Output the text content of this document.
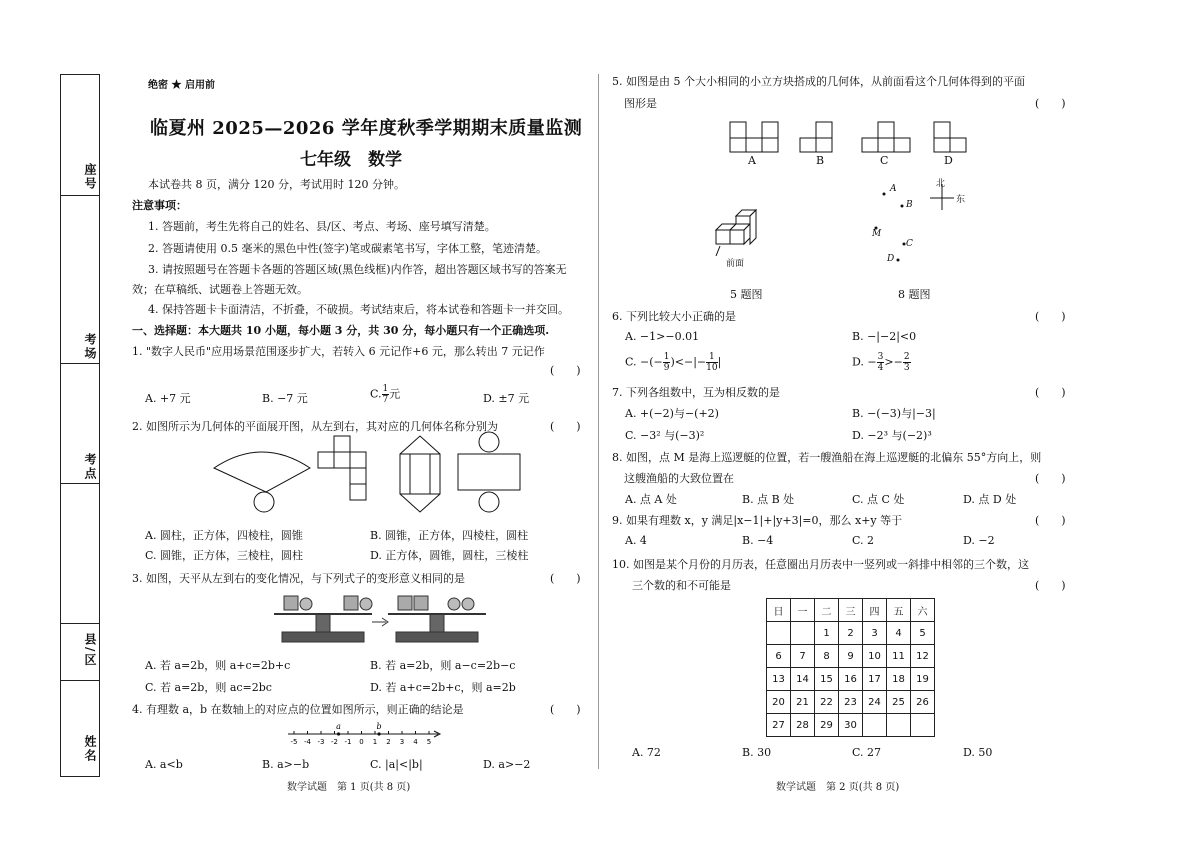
座号
考场
考点
县/区
姓名
绝密 ★ 启用前
临夏州 2025—2026 学年度秋季学期期末质量监测
七年级　数学
本试卷共 8 页，满分 120 分，考试用时 120 分钟。
注意事项：
1. 答题前，考生先将自己的姓名、县/区、考点、考场、座号填写清楚。
2. 答题请使用 0.5 毫米的黑色中性(签字)笔或碳素笔书写，字体工整，笔迹清楚。
3. 请按照题号在答题卡各题的答题区域(黑色线框)内作答，超出答题区域书写的答案无
效；在草稿纸、试题卷上答题无效。
4. 保持答题卡卡面清洁，不折叠，不破损。考试结束后，将本试卷和答题卡一并交回。
一、选择题：本大题共 10 小题，每小题 3 分，共 30 分，每小题只有一个正确选项.
1. "数字人民币"应用场景范围逐步扩大，若转入 6 元记作+6 元，那么转出 7 元记作
(　　)
A. +7 元	B. −7 元	C. $\frac{1}{7}$ 元	D. ±7 元
2. 如图所示为几何体的平面展开图，从左到右，其对应的几何体名称分别为	(　　)
A. 圆柱，正方体，四棱柱，圆锥	B. 圆锥，正方体，四棱柱，圆柱
C. 圆锥，正方体，三棱柱，圆柱	D. 正方体，圆锥，圆柱，三棱柱
3. 如图，天平从左到右的变化情况，与下列式子的变形意义相同的是	(　　)
A. 若 a=2b，则 a+c=2b+c	B. 若 a=2b，则 a−c=2b−c
C. 若 a=2b，则 ac=2bc	D. 若 a+c=2b+c，则 a=2b
4. 有理数 a，b 在数轴上的对应点的位置如图所示，则正确的结论是	(　　)
-5 -4 -3 -2 -1 0 1 2 3 4 5
a	b
A. a<b	B. a>−b	C. |a|<|b|	D. a>−2
数学试题　第 1 页(共 8 页)
5. 如图是由 5 个大小相同的小立方块搭成的几何体，从前面看这个几何体得到的平面
图形是	(　　)
A	B	C	D
前面
北
东
A
B
M
C
D
5 题图	8 题图
6. 下列比较大小正确的是	(　　)
A. −1>−0.01	B. −|−2|<0
C. −(− $\frac{1}{9}$ )<−|− $\frac{1}{10}$ |	D. − $\frac{3}{4} >- \frac{2}{3}$
7. 下列各组数中，互为相反数的是	(　　)
A. +(−2)与−(+2)	B. −(−3)与|−3|
C. −3² 与(−3)²	D. −2³ 与(−2)³
8. 如图，点 M 是海上巡逻艇的位置，若一艘渔船在海上巡逻艇的北偏东 55°方向上，则
这艘渔船的大致位置在	(　　)
A. 点 A 处	B. 点 B 处	C. 点 C 处	D. 点 D 处
9. 如果有理数 x，y 满足|x−1|+|y+3|=0，那么 x+y 等于	(　　)
A. 4	B. −4	C. 2	D. −2
10. 如图是某个月份的月历表，任意圈出月历表中一竖列或一斜排中相邻的三个数，这
三个数的和不可能是	(　　)
日	一	二	三	四	五	六
		1	2	3	4	5
6	7	8	9	10	11	12
13	14	15	16	17	18	19
20	21	22	23	24	25	26
27	28	29	30			
A. 72	B. 30	C. 27	D. 50
数学试题　第 2 页(共 8 页)
